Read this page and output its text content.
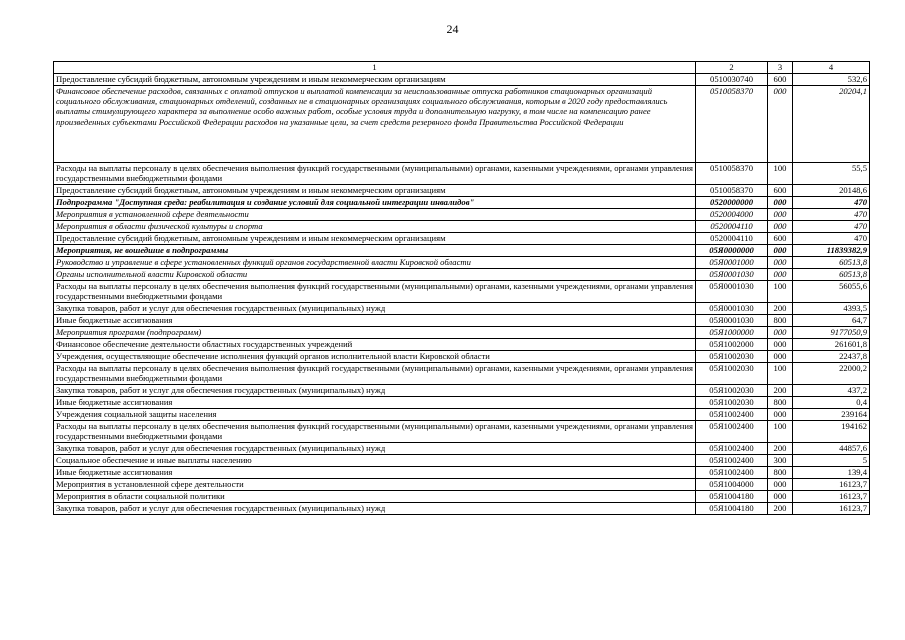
24
1	2	3	4
Предоставление субсидий бюджетным, автономным учреждениям и иным некоммерческим организациям	0510030740	600	532,6
Финансовое обеспечение расходов, связанных с оплатой отпусков и выплатой компенсации за неиспользованные отпуска работников стационарных организаций социального обслуживания, стационарных отделений, созданных не в стационарных организациях социального обслуживания, которым в 2020 году предоставлялись выплаты стимулирующего характера за выполнение особо важных работ, особые условия труда и дополнительную нагрузку, в том числе на компенсацию ранее произведенных субъектами Российской Федерации расходов на указанные цели, за счет средств резервного фонда Правительства Российской Федерации	0510058370	000	20204,1
Расходы на выплаты персоналу в целях обеспечения выполнения функций государственными (муниципальными) органами, казенными учреждениями, органами управления государственными внебюджетными фондами	0510058370	100	55,5
Предоставление субсидий бюджетным, автономным учреждениям и иным некоммерческим организациям	0510058370	600	20148,6
Подпрограмма "Доступная среда: реабилитация и создание условий для социальной интеграции инвалидов"	0520000000	000	470
Мероприятия в установленной сфере деятельности	0520004000	000	470
Мероприятия в области физической культуры и спорта	0520004110	000	470
Предоставление субсидий бюджетным, автономным учреждениям и иным некоммерческим организациям	0520004110	600	470
Мероприятия, не вошедшие в подпрограммы	05Я0000000	000	11839382,9
Руководство и управление в сфере установленных функций органов государственной власти Кировской области	05Я0001000	000	60513,8
Органы исполнительной власти Кировской области	05Я0001030	000	60513,8
Расходы на выплаты персоналу в целях обеспечения выполнения функций государственными (муниципальными) органами, казенными учреждениями, органами управления государственными внебюджетными фондами	05Я0001030	100	56055,6
Закупка товаров, работ и услуг для обеспечения государственных (муниципальных) нужд	05Я0001030	200	4393,5
Иные бюджетные ассигнования	05Я0001030	800	64,7
Мероприятия программ (подпрограмм)	05Я1000000	000	9177050,9
Финансовое обеспечение деятельности областных государственных учреждений	05Я1002000	000	261601,8
Учреждения, осуществляющие обеспечение исполнения функций органов исполнительной власти Кировской области	05Я1002030	000	22437,8
Расходы на выплаты персоналу в целях обеспечения выполнения функций государственными (муниципальными) органами, казенными учреждениями, органами управления государственными внебюджетными фондами	05Я1002030	100	22000,2
Закупка товаров, работ и услуг для обеспечения государственных (муниципальных) нужд	05Я1002030	200	437,2
Иные бюджетные ассигнования	05Я1002030	800	0,4
Учреждения социальной защиты населения	05Я1002400	000	239164
Расходы на выплаты персоналу в целях обеспечения выполнения функций государственными (муниципальными) органами, казенными учреждениями, органами управления государственными внебюджетными фондами	05Я1002400	100	194162
Закупка товаров, работ и услуг для обеспечения государственных (муниципальных) нужд	05Я1002400	200	44857,6
Социальное обеспечение и иные выплаты населению	05Я1002400	300	5
Иные бюджетные ассигнования	05Я1002400	800	139,4
Мероприятия в установленной сфере деятельности	05Я1004000	000	16123,7
Мероприятия в области социальной политики	05Я1004180	000	16123,7
Закупка товаров, работ и услуг для обеспечения государственных (муниципальных) нужд	05Я1004180	200	16123,7
